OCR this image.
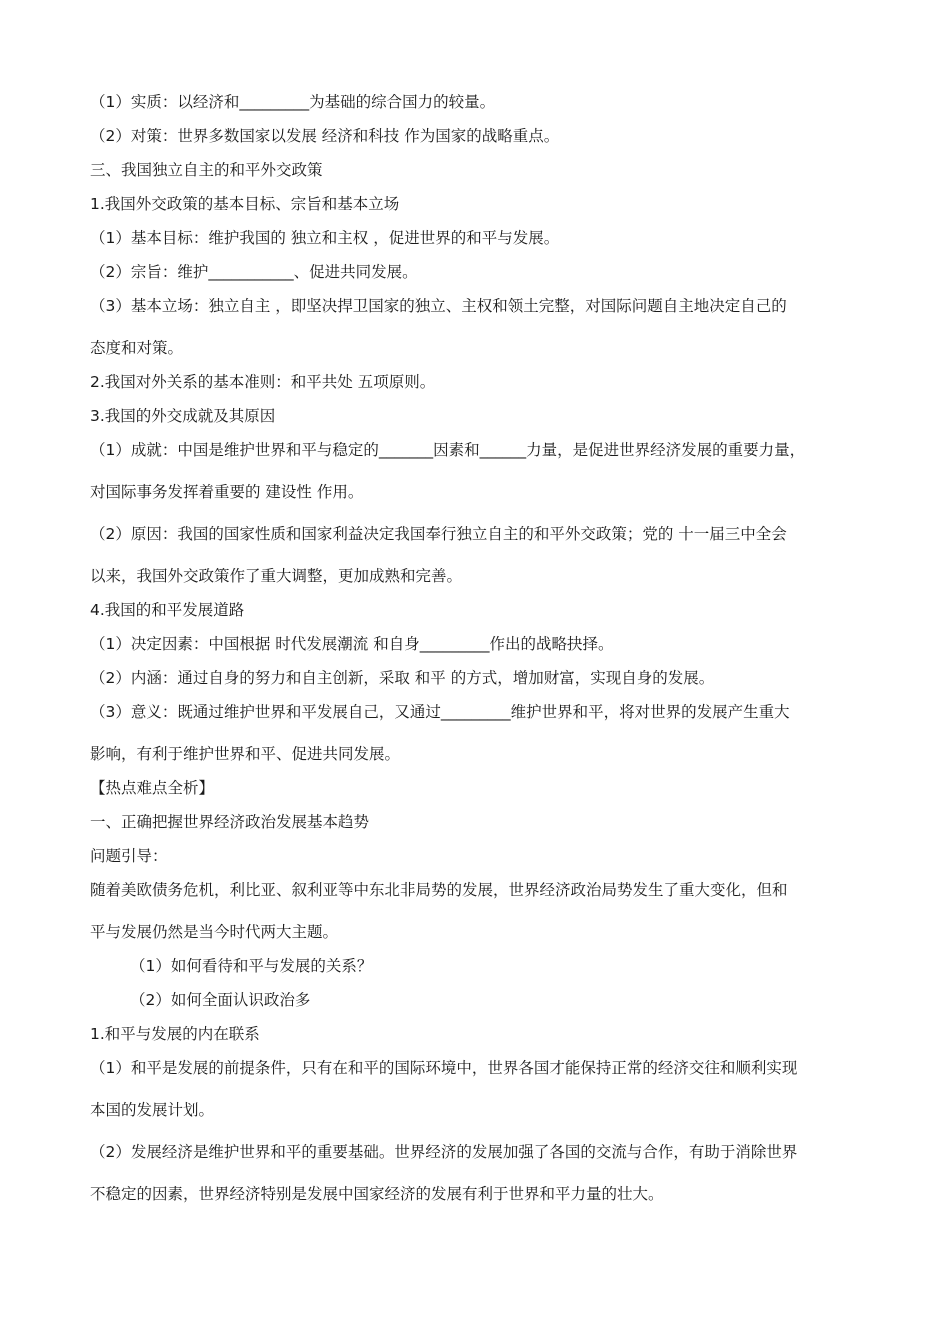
（1）实质：以经济和_________为基础的综合国力的较量。

（2）对策：世界多数国家以发展 经济和科技 作为国家的战略重点。

三、我国独立自主的和平外交政策

1.我国外交政策的基本目标、宗旨和基本立场

（1）基本目标：维护我国的 独立和主权 ，促进世界的和平与发展。

（2）宗旨：维护___________、促进共同发展。

（3）基本立场：独立自主 ，即坚决捍卫国家的独立、主权和领土完整，对国际问题自主地决定自己的

态度和对策。

2.我国对外关系的基本准则：和平共处 五项原则。

3.我国的外交成就及其原因

（1）成就：中国是维护世界和平与稳定的_______因素和______力量，是促进世界经济发展的重要力量，

对国际事务发挥着重要的 建设性 作用。

（2）原因：我国的国家性质和国家利益决定我国奉行独立自主的和平外交政策；党的 十一届三中全会

以来，我国外交政策作了重大调整，更加成熟和完善。

4.我国的和平发展道路

（1）决定因素：中国根据 时代发展潮流 和自身_________作出的战略抉择。

（2）内涵：通过自身的努力和自主创新，采取 和平 的方式，增加财富，实现自身的发展。

（3）意义：既通过维护世界和平发展自己，又通过_________维护世界和平，将对世界的发展产生重大

影响，有利于维护世界和平、促进共同发展。

【热点难点全析】

一、正确把握世界经济政治发展基本趋势

问题引导：

随着美欧债务危机，利比亚、叙利亚等中东北非局势的发展，世界经济政治局势发生了重大变化，但和

平与发展仍然是当今时代两大主题。

（1）如何看待和平与发展的关系？

（2）如何全面认识政治多

1.和平与发展的内在联系

（1）和平是发展的前提条件，只有在和平的国际环境中，世界各国才能保持正常的经济交往和顺利实现

本国的发展计划。

（2）发展经济是维护世界和平的重要基础。世界经济的发展加强了各国的交流与合作，有助于消除世界

不稳定的因素，世界经济特别是发展中国家经济的发展有利于世界和平力量的壮大。
